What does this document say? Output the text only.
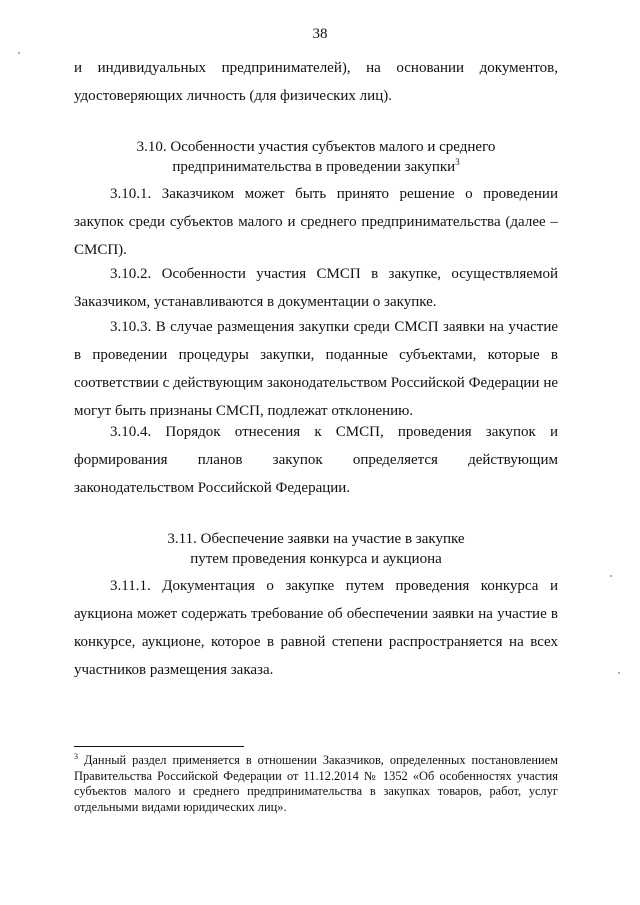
38
и индивидуальных предпринимателей), на основании документов,
удостоверяющих личность (для физических лиц).
3.10. Особенности участия субъектов малого и среднего
предпринимательства в проведении закупки$^3$
3.10.1. Заказчиком может быть принято решение о проведении закупок среди субъектов малого и среднего предпринимательства (далее – СМСП).
3.10.2. Особенности участия СМСП в закупке, осуществляемой Заказчиком, устанавливаются в документации о закупке.
3.10.3. В случае размещения закупки среди СМСП заявки на участие в проведении процедуры закупки, поданные субъектами, которые в соответствии с действующим законодательством Российской Федерации не могут быть признаны СМСП, подлежат отклонению.
3.10.4. Порядок отнесения к СМСП, проведения закупок и формирования планов закупок определяется действующим законодательством Российской Федерации.
3.11. Обеспечение заявки на участие в закупке
путем проведения конкурса и аукциона
3.11.1. Документация о закупке путем проведения конкурса и аукциона может содержать требование об обеспечении заявки на участие в конкурсе, аукционе, которое в равной степени распространяется на всех участников размещения заказа.
$^3$ Данный раздел применяется в отношении Заказчиков, определенных постановлением Правительства Российской Федерации от 11.12.2014 № 1352 «Об особенностях участия субъектов малого и среднего предпринимательства в закупках товаров, работ, услуг отдельными видами юридических лиц».
